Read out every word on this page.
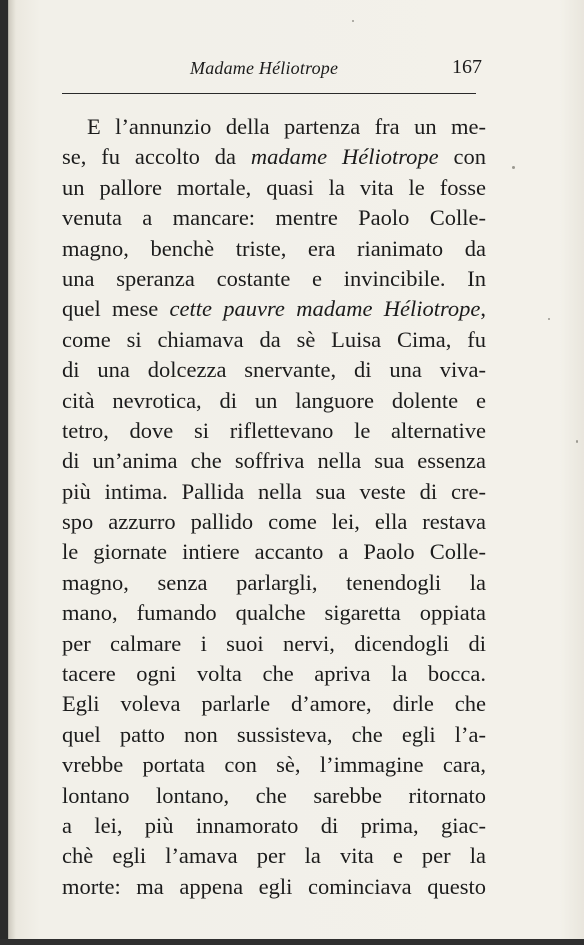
Madame Héliotrope	167
E l’annunzio della partenza fra un me-
se, fu accolto da madame Héliotrope con
un pallore mortale, quasi la vita le fosse
venuta a mancare: mentre Paolo Colle-
magno, benchè triste, era rianimato da
una speranza costante e invincibile. In
quel mese cette pauvre madame Héliotrope,
come si chiamava da sè Luisa Cima, fu
di una dolcezza snervante, di una viva-
cità nevrotica, di un languore dolente e
tetro, dove si riflettevano le alternative
di un’anima che soffriva nella sua essenza
più intima. Pallida nella sua veste di cre-
spo azzurro pallido come lei, ella restava
le giornate intiere accanto a Paolo Colle-
magno, senza parlargli, tenendogli la
mano, fumando qualche sigaretta oppiata
per calmare i suoi nervi, dicendogli di
tacere ogni volta che apriva la bocca.
Egli voleva parlarle d’amore, dirle che
quel patto non sussisteva, che egli l’a-
vrebbe portata con sè, l’immagine cara,
lontano lontano, che sarebbe ritornato
a lei, più innamorato di prima, giac-
chè egli l’amava per la vita e per la
morte: ma appena egli cominciava questo
